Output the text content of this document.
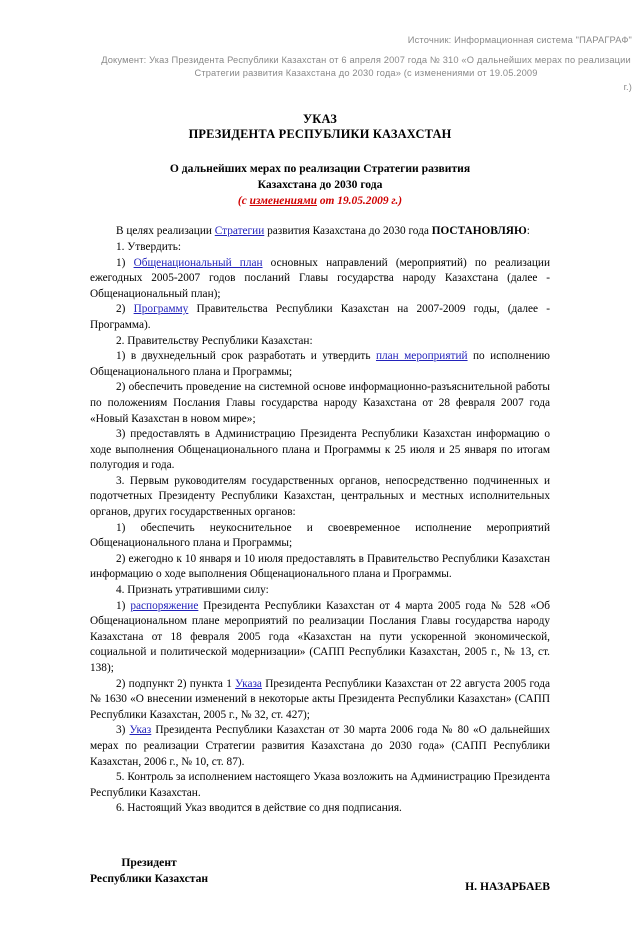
Источник: Информационная система "ПАРАГРАФ"
Документ: Указ Президента Республики Казахстан от 6 апреля 2007 года № 310 «О дальнейших мерах по реализации Стратегии развития Казахстана до 2030 года» (с изменениями от 19.05.2009
г.)
УКАЗ
ПРЕЗИДЕНТА РЕСПУБЛИКИ КАЗАХСТАН
О дальнейших мерах по реализации Стратегии развития
Казахстана до 2030 года
(с изменениями от 19.05.2009 г.)

В целях реализации Стратегии развития Казахстана до 2030 года ПОСТАНОВЛЯЮ:

1. Утвердить:

1) Общенациональный план основных направлений (мероприятий) по реализации ежегодных 2005-2007 годов посланий Главы государства народу Казахстана (далее - Общенациональный план);

2) Программу Правительства Республики Казахстан на 2007-2009 годы, (далее - Программа).

2. Правительству Республики Казахстан:

1) в двухнедельный срок разработать и утвердить план мероприятий по исполнению Общенационального плана и Программы;

2) обеспечить проведение на системной основе информационно-разъяснительной работы по положениям Послания Главы государства народу Казахстана от 28 февраля 2007 года «Новый Казахстан в новом мире»;

3) предоставлять в Администрацию Президента Республики Казахстан информацию о ходе выполнения Общенационального плана и Программы к 25 июля и 25 января по итогам полугодия и года.

3. Первым руководителям государственных органов, непосредственно подчиненных и подотчетных Президенту Республики Казахстан, центральных и местных исполнительных органов, других государственных органов:

1) обеспечить неукоснительное и своевременное исполнение мероприятий Общенационального плана и Программы;

2) ежегодно к 10 января и 10 июля предоставлять в Правительство Республики Казахстан информацию о ходе выполнения Общенационального плана и Программы.

4. Признать утратившими силу:

1) распоряжение Президента Республики Казахстан от 4 марта 2005 года № 528 «Об Общенациональном плане мероприятий по реализации Послания Главы государства народу Казахстана от 18 февраля 2005 года «Казахстан на пути ускоренной экономической, социальной и политической модернизации» (САПП Республики Казахстан, 2005 г., № 13, ст. 138);

2) подпункт 2) пункта 1 Указа Президента Республики Казахстан от 22 августа 2005 года № 1630 «О внесении изменений в некоторые акты Президента Республики Казахстан» (САПП Республики Казахстан, 2005 г., № 32, ст. 427);

3) Указ Президента Республики Казахстан от 30 марта 2006 года № 80 «О дальнейших мерах по реализации Стратегии развития Казахстана до 2030 года» (САПП Республики Казахстан, 2006 г., № 10, ст. 87).

5. Контроль за исполнением настоящего Указа возложить на Администрацию Президента Республики Казахстан.

6. Настоящий Указ вводится в действие со дня подписания.

Президент
Республики Казахстан
Н. НАЗАРБАЕВ
